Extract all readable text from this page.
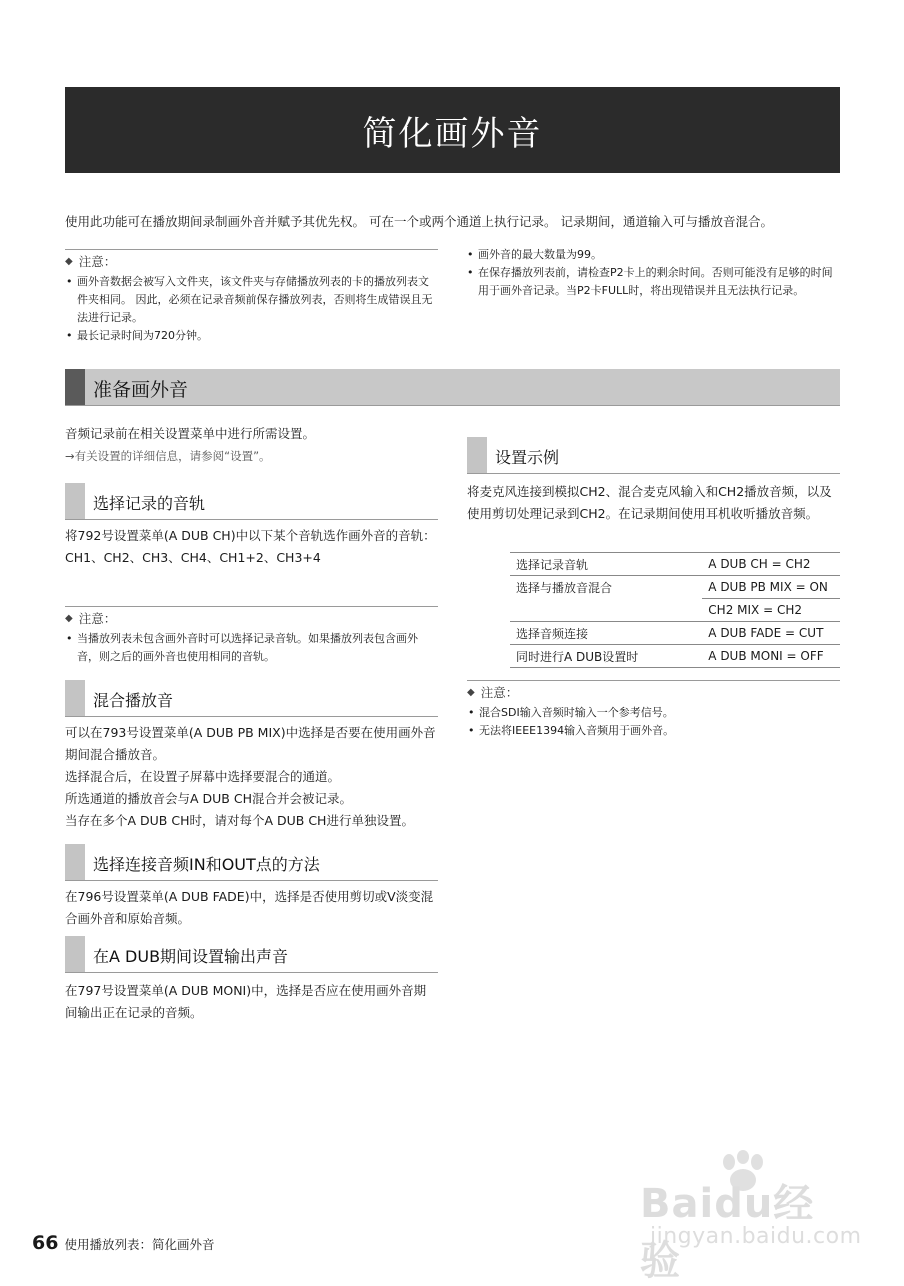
简化画外音
使用此功能可在播放期间录制画外音并赋予其优先权。 可在一个或两个通道上执行记录。 记录期间，通道输入可与播放音混合。
◆ 注意：
• 画外音数据会被写入文件夹，该文件夹与存储播放列表的卡的播放列表文件夹相同。 因此，必须在记录音频前保存播放列表，否则将生成错误且无法进行记录。
• 最长记录时间为720分钟。
• 画外音的最大数量为99。
• 在保存播放列表前，请检查P2卡上的剩余时间。否则可能没有足够的时间用于画外音记录。当P2卡FULL时，将出现错误并且无法执行记录。
准备画外音

音频记录前在相关设置菜单中进行所需设置。

→有关设置的详细信息，请参阅“设置”。

选择记录的音轨

将792号设置菜单(A DUB CH)中以下某个音轨选作画外音的音轨：

CH1、CH2、CH3、CH4、CH1+2、CH3+4

◆ 注意：
• 当播放列表未包含画外音时可以选择记录音轨。如果播放列表包含画外音，则之后的画外音也使用相同的音轨。
混合播放音

可以在793号设置菜单(A DUB PB MIX)中选择是否要在使用画外音期间混合播放音。

选择混合后，在设置子屏幕中选择要混合的通道。

所选通道的播放音会与A DUB CH混合并会被记录。

当存在多个A DUB CH时，请对每个A DUB CH进行单独设置。

选择连接音频IN和OUT点的方法

在796号设置菜单(A DUB FADE)中，选择是否使用剪切或V淡变混合画外音和原始音频。

在A DUB期间设置输出声音

在797号设置菜单(A DUB MONI)中，选择是否应在使用画外音期间输出正在记录的音频。

设置示例

将麦克风连接到模拟CH2、混合麦克风输入和CH2播放音频，以及使用剪切处理记录到CH2。在记录期间使用耳机收听播放音频。

选择记录音轨	A DUB CH = CH2
选择与播放音混合	A DUB PB MIX = ON
	CH2 MIX = CH2
选择音频连接	A DUB FADE = CUT
同时进行A DUB设置时	A DUB MONI = OFF
◆ 注意：
• 混合SDI输入音频时输入一个参考信号。
• 无法将IEEE1394输入音频用于画外音。
Baidu经验
jingyan.baidu.com
66 使用播放列表：简化画外音
